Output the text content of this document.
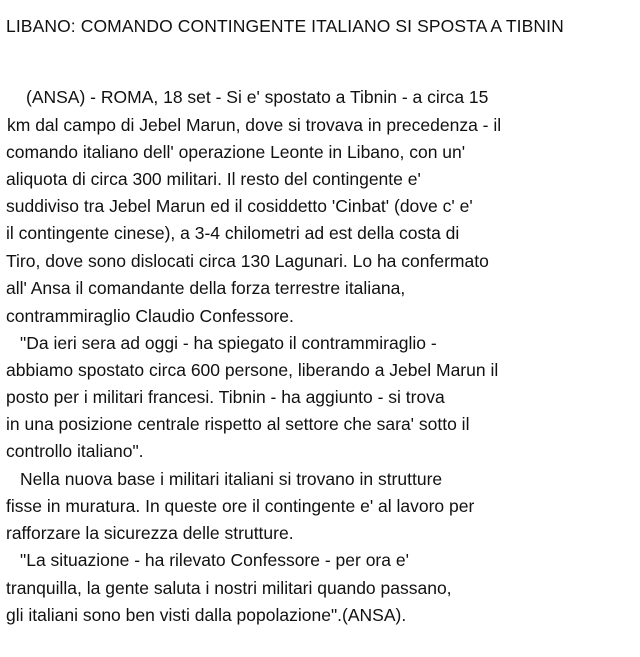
LIBANO: COMANDO CONTINGENTE ITALIANO SI SPOSTA A TIBNIN
(ANSA) - ROMA, 18 set - Si e' spostato a Tibnin - a circa 15
km dal campo di Jebel Marun, dove si trovava in precedenza - il
comando italiano dell' operazione Leonte in Libano, con un'
aliquota di circa 300 militari. Il resto del contingente e'
suddiviso tra Jebel Marun ed il cosiddetto 'Cinbat' (dove c' e'
il contingente cinese), a 3-4 chilometri ad est della costa di
Tiro, dove sono dislocati circa 130 Lagunari. Lo ha confermato
all' Ansa il comandante della forza terrestre italiana,
contrammiraglio Claudio Confessore.
"Da ieri sera ad oggi - ha spiegato il contrammiraglio -
abbiamo spostato circa 600 persone, liberando a Jebel Marun il
posto per i militari francesi. Tibnin - ha aggiunto - si trova
in una posizione centrale rispetto al settore che sara' sotto il
controllo italiano".
Nella nuova base i militari italiani si trovano in strutture
fisse in muratura. In queste ore il contingente e' al lavoro per
rafforzare la sicurezza delle strutture.
"La situazione - ha rilevato Confessore - per ora e'
tranquilla, la gente saluta i nostri militari quando passano,
gli italiani sono ben visti dalla popolazione".(ANSA).
